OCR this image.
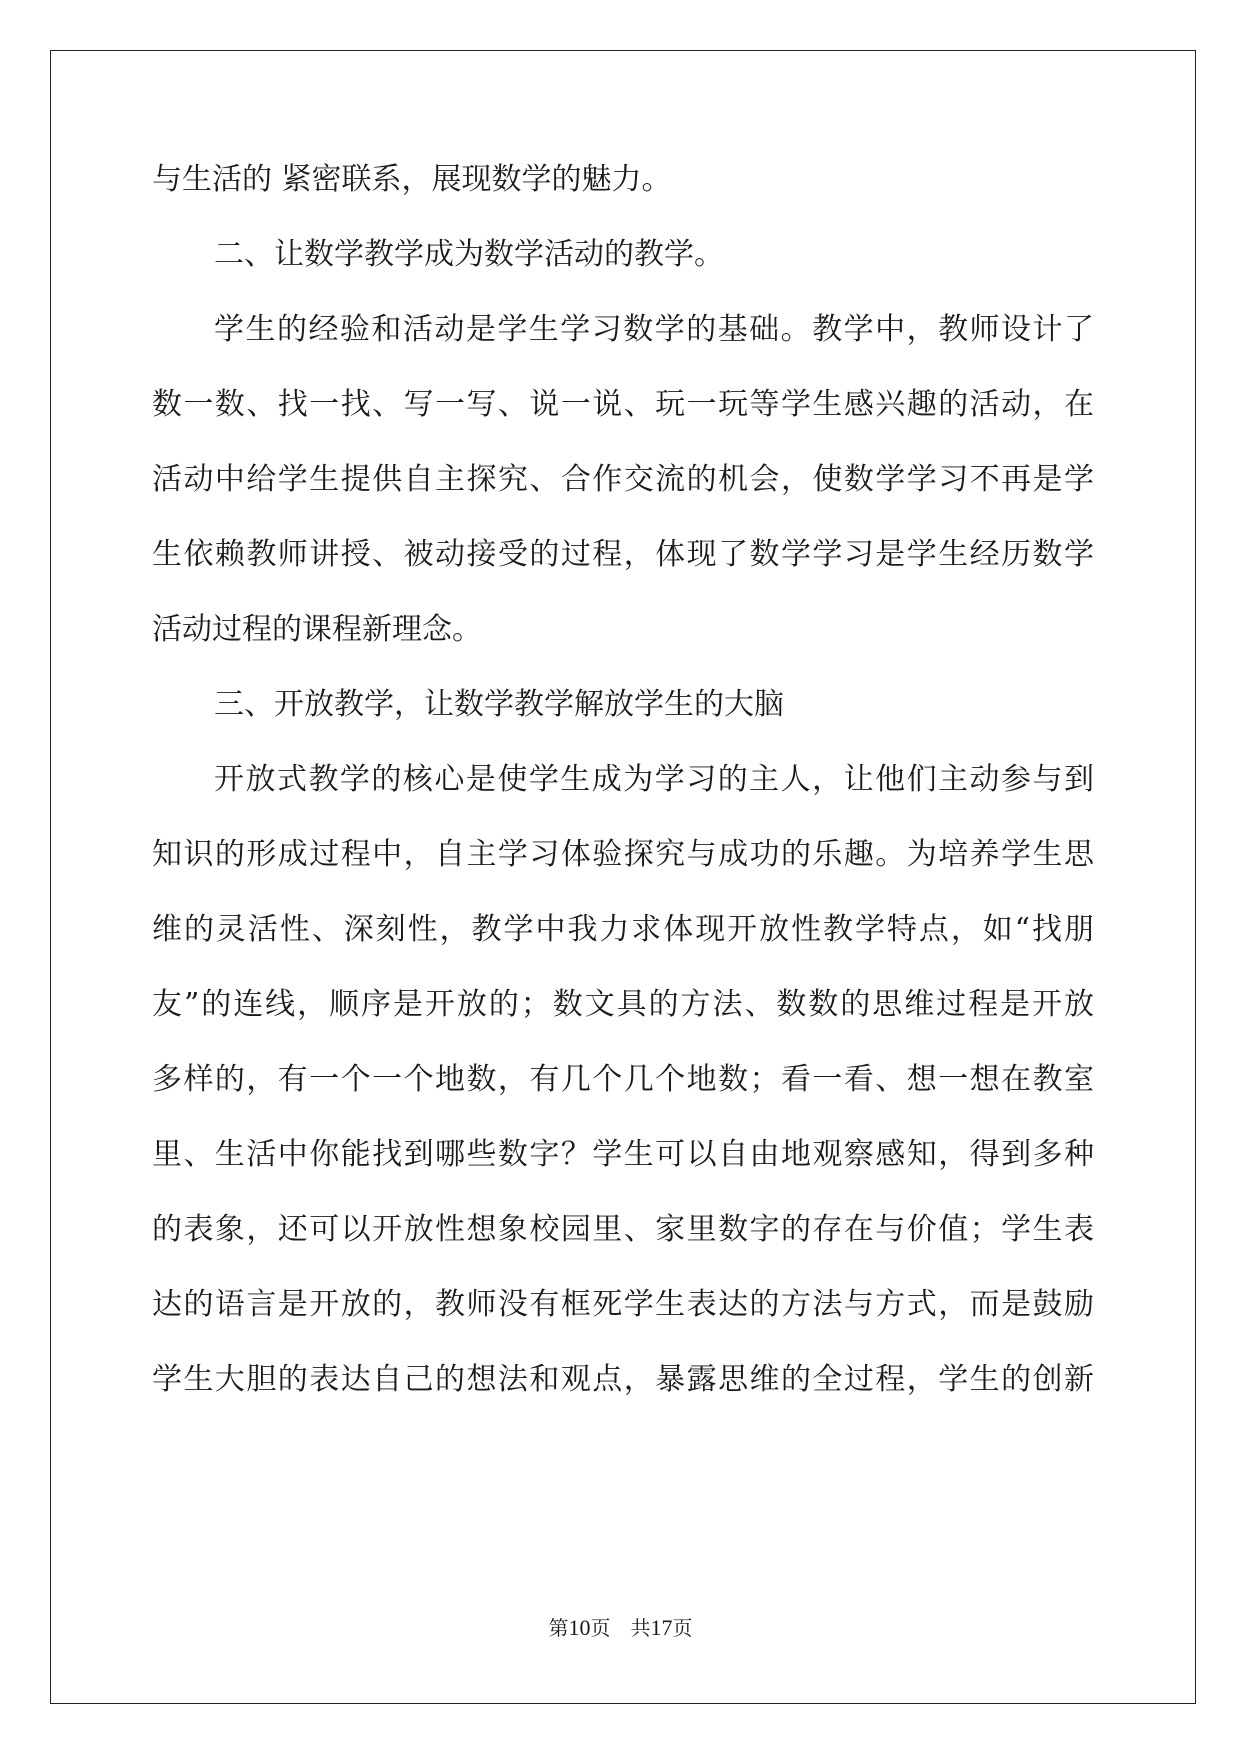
与生活的 紧密联系，展现数学的魅力。
二、让数学教学成为数学活动的教学。
学生的经验和活动是学生学习数学的基础。教学中，教师设计了
数一数、找一找、写一写、说一说、玩一玩等学生感兴趣的活动，在
活动中给学生提供自主探究、合作交流的机会，使数学学习不再是学
生依赖教师讲授、被动接受的过程，体现了数学学习是学生经历数学
活动过程的课程新理念。
三、开放教学，让数学教学解放学生的大脑
开放式教学的核心是使学生成为学习的主人，让他们主动参与到
知识的形成过程中，自主学习体验探究与成功的乐趣。为培养学生思
维的灵活性、深刻性，教学中我力求体现开放性教学特点，如“找朋
友”的连线，顺序是开放的；数文具的方法、数数的思维过程是开放
多样的，有一个一个地数，有几个几个地数；看一看、想一想在教室
里、生活中你能找到哪些数字？学生可以自由地观察感知，得到多种
的表象，还可以开放性想象校园里、家里数字的存在与价值；学生表
达的语言是开放的，教师没有框死学生表达的方法与方式，而是鼓励
学生大胆的表达自己的想法和观点，暴露思维的全过程，学生的创新
第10页　共17页
